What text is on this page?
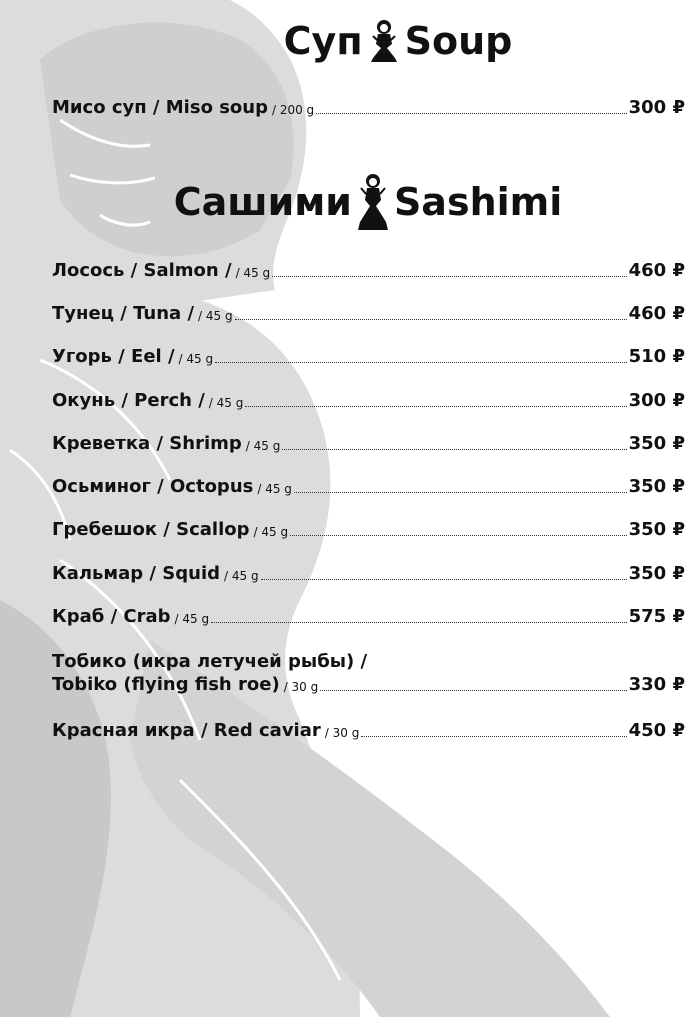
Суп Soup
Мисо суп / Miso soup / 200 g	300 ₽
Сашими Sashimi
Лосось / Salmon / / 45 g	460 ₽
Тунец / Tuna / / 45 g	460 ₽
Угорь / Eel / / 45 g	510 ₽
Окунь / Perch / / 45 g	300 ₽
Креветка / Shrimp / 45 g	350 ₽
Осьминог / Octopus / 45 g	350 ₽
Гребешок / Scallop / 45 g	350 ₽
Кальмар / Squid / 45 g	350 ₽
Краб / Crab / 45 g	575 ₽
Тобико (икра летучей рыбы) /
Tobiko (flying fish roe) / 30 g	330 ₽
Красная икра / Red caviar / 30 g	450 ₽
